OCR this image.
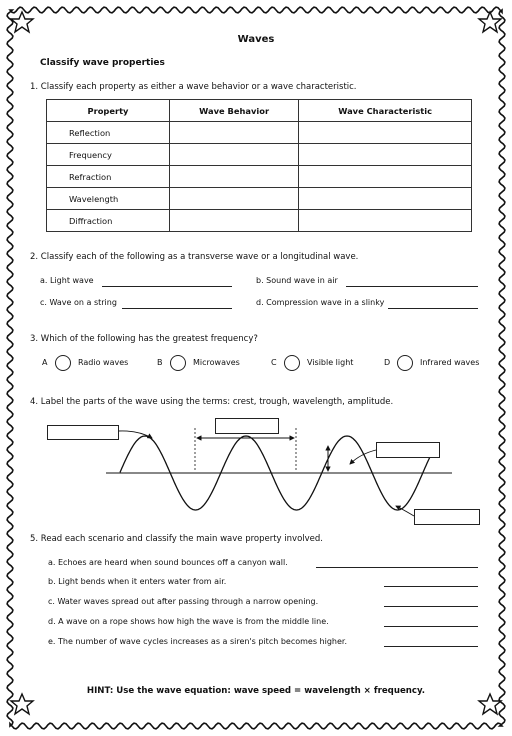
Waves
Classify wave properties
1. Classify each property as either a wave behavior or a wave characteristic.
Property	Wave Behavior	Wave Characteristic
Reflection		
Frequency		
Refraction		
Wavelength		
Diffraction		
2. Classify each of the following as a transverse wave or a longitudinal wave.
a. Light wave	b. Sound wave in air
c. Wave on a string	d. Compression wave in a slinky
3. Which of the following has the greatest frequency?
A	Radio waves	B	Microwaves	C	Visible light	D	Infrared waves
4. Label the parts of the wave using the terms: crest, trough, wavelength, amplitude.
5. Read each scenario and classify the main wave property involved.
a. Echoes are heard when sound bounces off a canyon wall.
b. Light bends when it enters water from air.
c. Water waves spread out after passing through a narrow opening.
d. A wave on a rope shows how high the wave is from the middle line.
e. The number of wave cycles increases as a siren's pitch becomes higher.
HINT: Use the wave equation: wave speed = wavelength × frequency.
